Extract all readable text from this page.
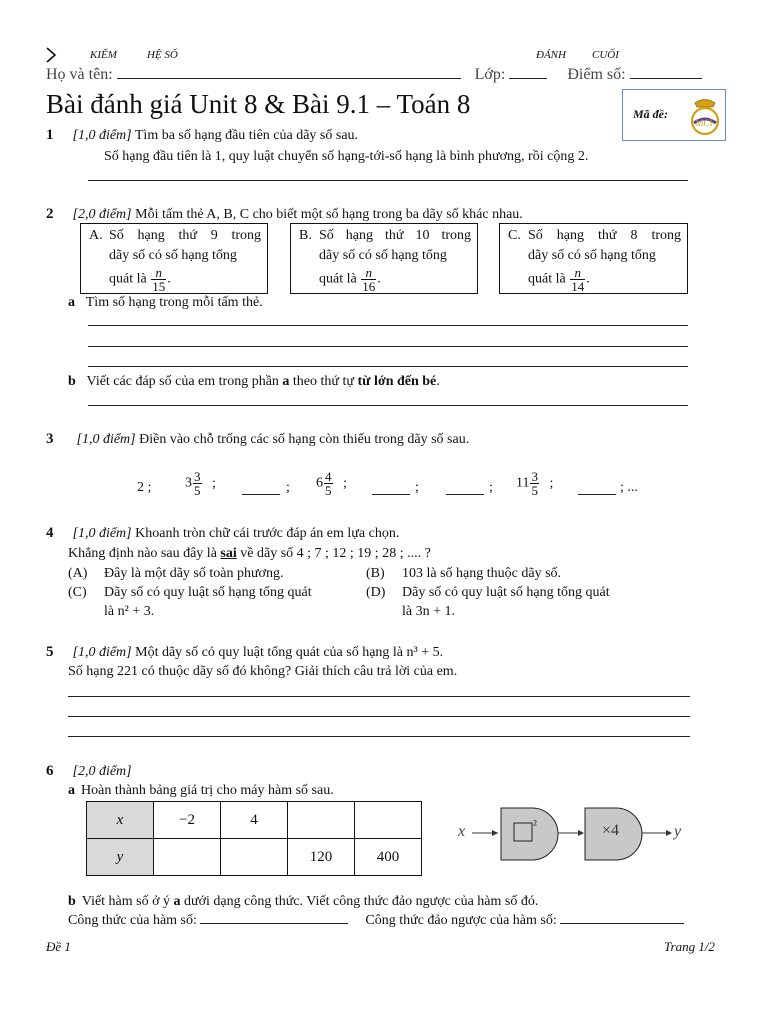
KIỂM	HỆ SỐ	ĐÁNH CUỐI
Họ và tên:	Lớp:	Điểm số:
Bài đánh giá Unit 8 & Bài 9.1 – Toán 8	Mã đề:
MCF
1 [1,0 điểm] Tìm ba số hạng đầu tiên của dãy số sau.
Số hạng đầu tiên là 1, quy luật chuyển số hạng-tới-số hạng là bình phương, rồi cộng 2.
2 [2,0 điểm] Mỗi tấm thẻ A, B, C cho biết một số hạng trong ba dãy số khác nhau.
A. Số hạng thứ 9 trong
dãy số có số hạng tổng
quát là $\frac{n}{15}$ .
B. Số hạng thứ 10 trong
dãy số có số hạng tổng
quát là $\frac{n}{16}$ .
C. Số hạng thứ 8 trong
dãy số có số hạng tổng
quát là $\frac{n}{14}$ .
a Tìm số hạng trong mỗi tấm thẻ.
b Viết các đáp số của em trong phần a theo thứ tự từ lớn đến bé.
3 [1,0 điểm] Điền vào chỗ trống các số hạng còn thiếu trong dãy số sau.
2 ; $3 \frac{3}{5}$ ;	; $6 \frac{4}{5}$ ;	;	; $11 \frac{3}{5}$ ;	; ...
4 [1,0 điểm] Khoanh tròn chữ cái trước đáp án em lựa chọn.
Khẳng định nào sau đây là sai về dãy số 4 ; 7 ; 12 ; 19 ; 28 ; .... ?
(A) Đây là một dãy số toàn phương.	(B) 103 là số hạng thuộc dãy số.
(C) Dãy số có quy luật số hạng tổng quát
là n² + 3.
(D) Dãy số có quy luật số hạng tổng quát
là 3n + 1.
5 [1,0 điểm] Một dãy số có quy luật tổng quát của số hạng là n³ + 5.
Số hạng 221 có thuộc dãy số đó không? Giải thích câu trả lời của em.
6 [2,0 điểm]
a Hoàn thành bảng giá trị cho máy hàm số sau.
x	−2	4		
y			120	400
x	²	×4	y
b Viết hàm số ở ý a dưới dạng công thức. Viết công thức đảo ngược của hàm số đó.
Công thức của hàm số:	Công thức đảo ngược của hàm số:
Đề 1	Trang 1/2
